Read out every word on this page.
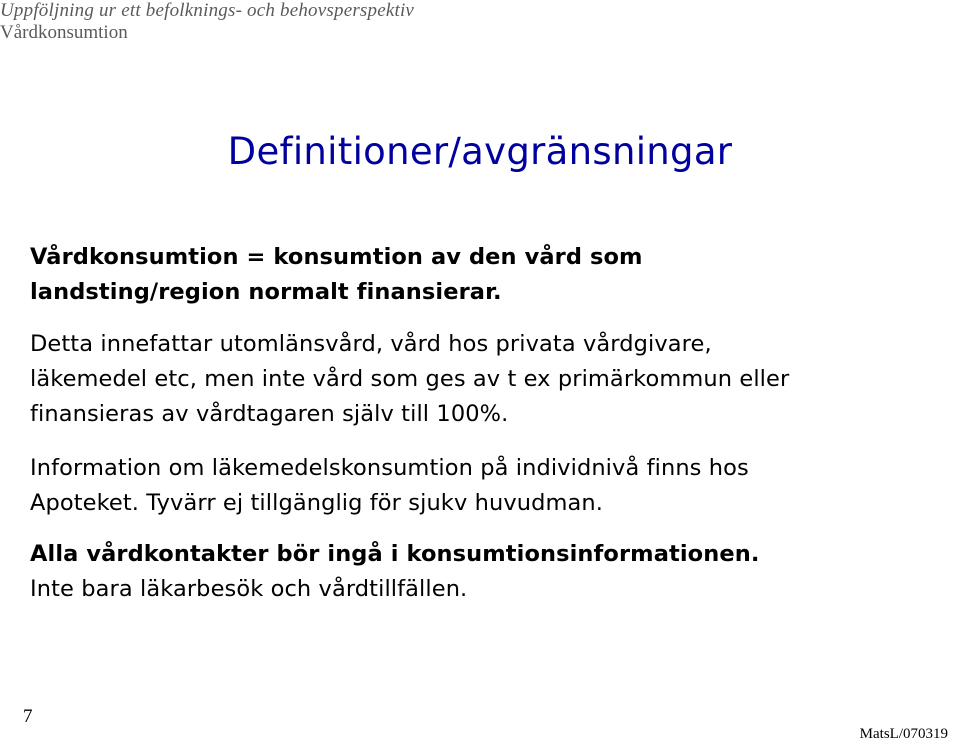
Uppföljning ur ett befolknings- och behovsperspektiv
Vårdkonsumtion
Definitioner/avgränsningar
Vårdkonsumtion = konsumtion av den vård som
landsting/region normalt finansierar.
Detta innefattar utomlänsvård, vård hos privata vårdgivare,
läkemedel etc, men inte vård som ges av t ex primärkommun eller
finansieras av vårdtagaren själv till 100%.
Information om läkemedelskonsumtion på individnivå finns hos
Apoteket. Tyvärr ej tillgänglig för sjukv huvudman.
Alla vårdkontakter bör ingå i konsumtionsinformationen.
Inte bara läkarbesök och vårdtillfällen.
7
MatsL/070319
